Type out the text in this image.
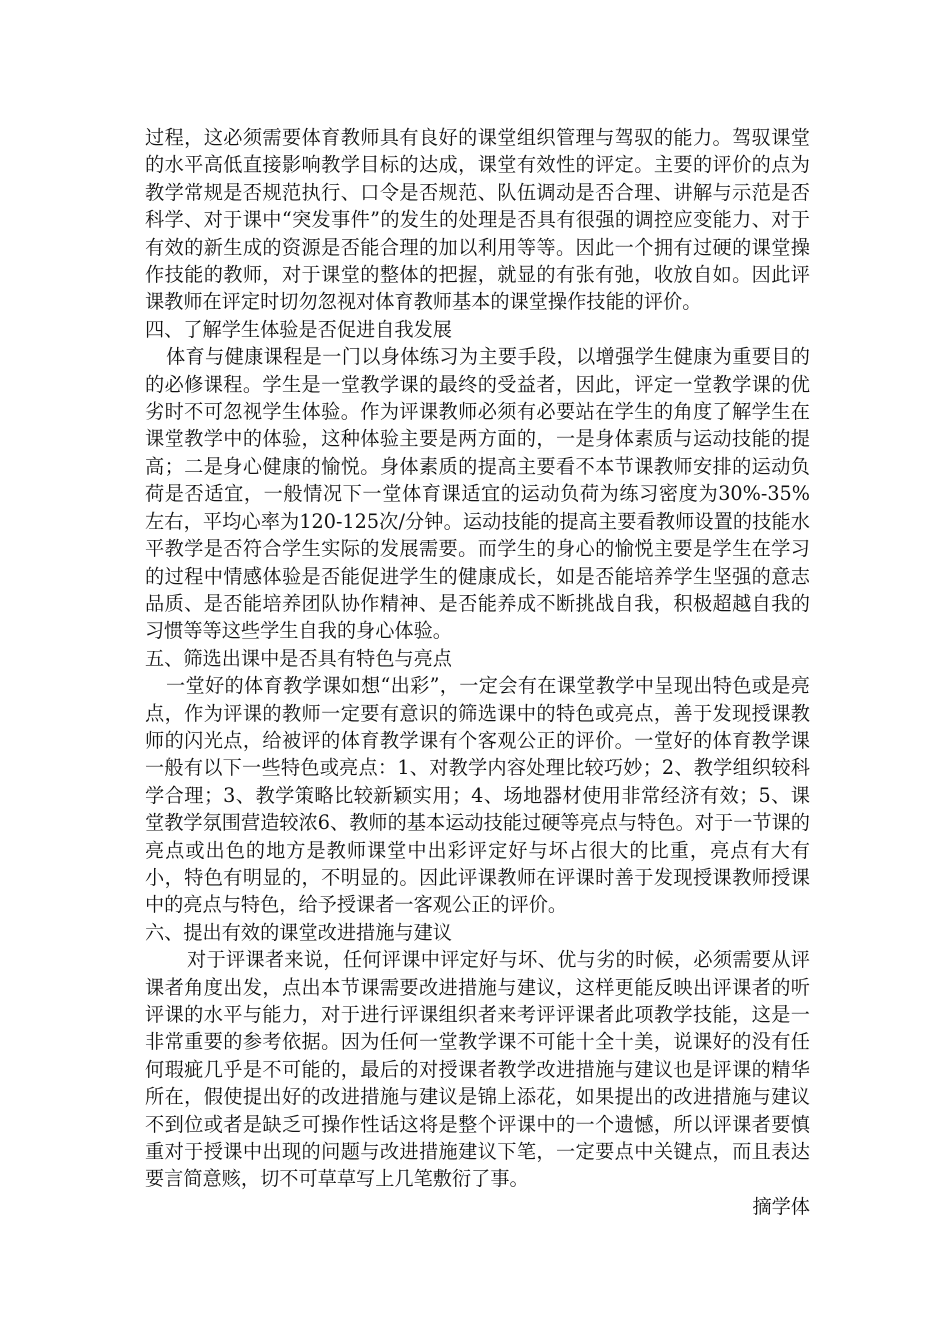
过程，这必须需要体育教师具有良好的课堂组织管理与驾驭的能力。驾驭课堂的水平高低直接影响教学目标的达成，课堂有效性的评定。主要的评价的点为教学常规是否规范执行、口令是否规范、队伍调动是否合理、讲解与示范是否科学、对于课中“突发事件”的发生的处理是否具有很强的调控应变能力、对于有效的新生成的资源是否能合理的加以利用等等。因此一个拥有过硬的课堂操作技能的教师，对于课堂的整体的把握，就显的有张有弛，收放自如。因此评课教师在评定时切勿忽视对体育教师基本的课堂操作技能的评价。

四、了解学生体验是否促进自我发展

体育与健康课程是一门以身体练习为主要手段，以增强学生健康为重要目的的必修课程。学生是一堂教学课的最终的受益者，因此，评定一堂教学课的优劣时不可忽视学生体验。作为评课教师必须有必要站在学生的角度了解学生在课堂教学中的体验，这种体验主要是两方面的，一是身体素质与运动技能的提高；二是身心健康的愉悦。身体素质的提高主要看不本节课教师安排的运动负荷是否适宜，一般情况下一堂体育课适宜的运动负荷为练习密度为30%-35%左右，平均心率为120-125次/分钟。运动技能的提高主要看教师设置的技能水平教学是否符合学生实际的发展需要。而学生的身心的愉悦主要是学生在学习的过程中情感体验是否能促进学生的健康成长，如是否能培养学生坚强的意志品质、是否能培养团队协作精神、是否能养成不断挑战自我，积极超越自我的习惯等等这些学生自我的身心体验。

五、筛选出课中是否具有特色与亮点

一堂好的体育教学课如想“出彩”，一定会有在课堂教学中呈现出特色或是亮点，作为评课的教师一定要有意识的筛选课中的特色或亮点，善于发现授课教师的闪光点，给被评的体育教学课有个客观公正的评价。一堂好的体育教学课一般有以下一些特色或亮点：1、对教学内容处理比较巧妙；2、教学组织较科学合理；3、教学策略比较新颖实用；4、场地器材使用非常经济有效；5、课堂教学氛围营造较浓6、教师的基本运动技能过硬等亮点与特色。对于一节课的亮点或出色的地方是教师课堂中出彩评定好与坏占很大的比重，亮点有大有小，特色有明显的，不明显的。因此评课教师在评课时善于发现授课教师授课中的亮点与特色，给予授课者一客观公正的评价。

六、提出有效的课堂改进措施与建议

对于评课者来说，任何评课中评定好与坏、优与劣的时候，必须需要从评课者角度出发，点出本节课需要改进措施与建议，这样更能反映出评课者的听评课的水平与能力，对于进行评课组织者来考评评课者此项教学技能，这是一非常重要的参考依据。因为任何一堂教学课不可能十全十美，说课好的没有任何瑕疵几乎是不可能的，最后的对授课者教学改进措施与建议也是评课的精华所在，假使提出好的改进措施与建议是锦上添花，如果提出的改进措施与建议不到位或者是缺乏可操作性话这将是整个评课中的一个遗憾，所以评课者要慎重对于授课中出现的问题与改进措施建议下笔，一定要点中关键点，而且表达要言简意赅，切不可草草写上几笔敷衍了事。

摘学体
